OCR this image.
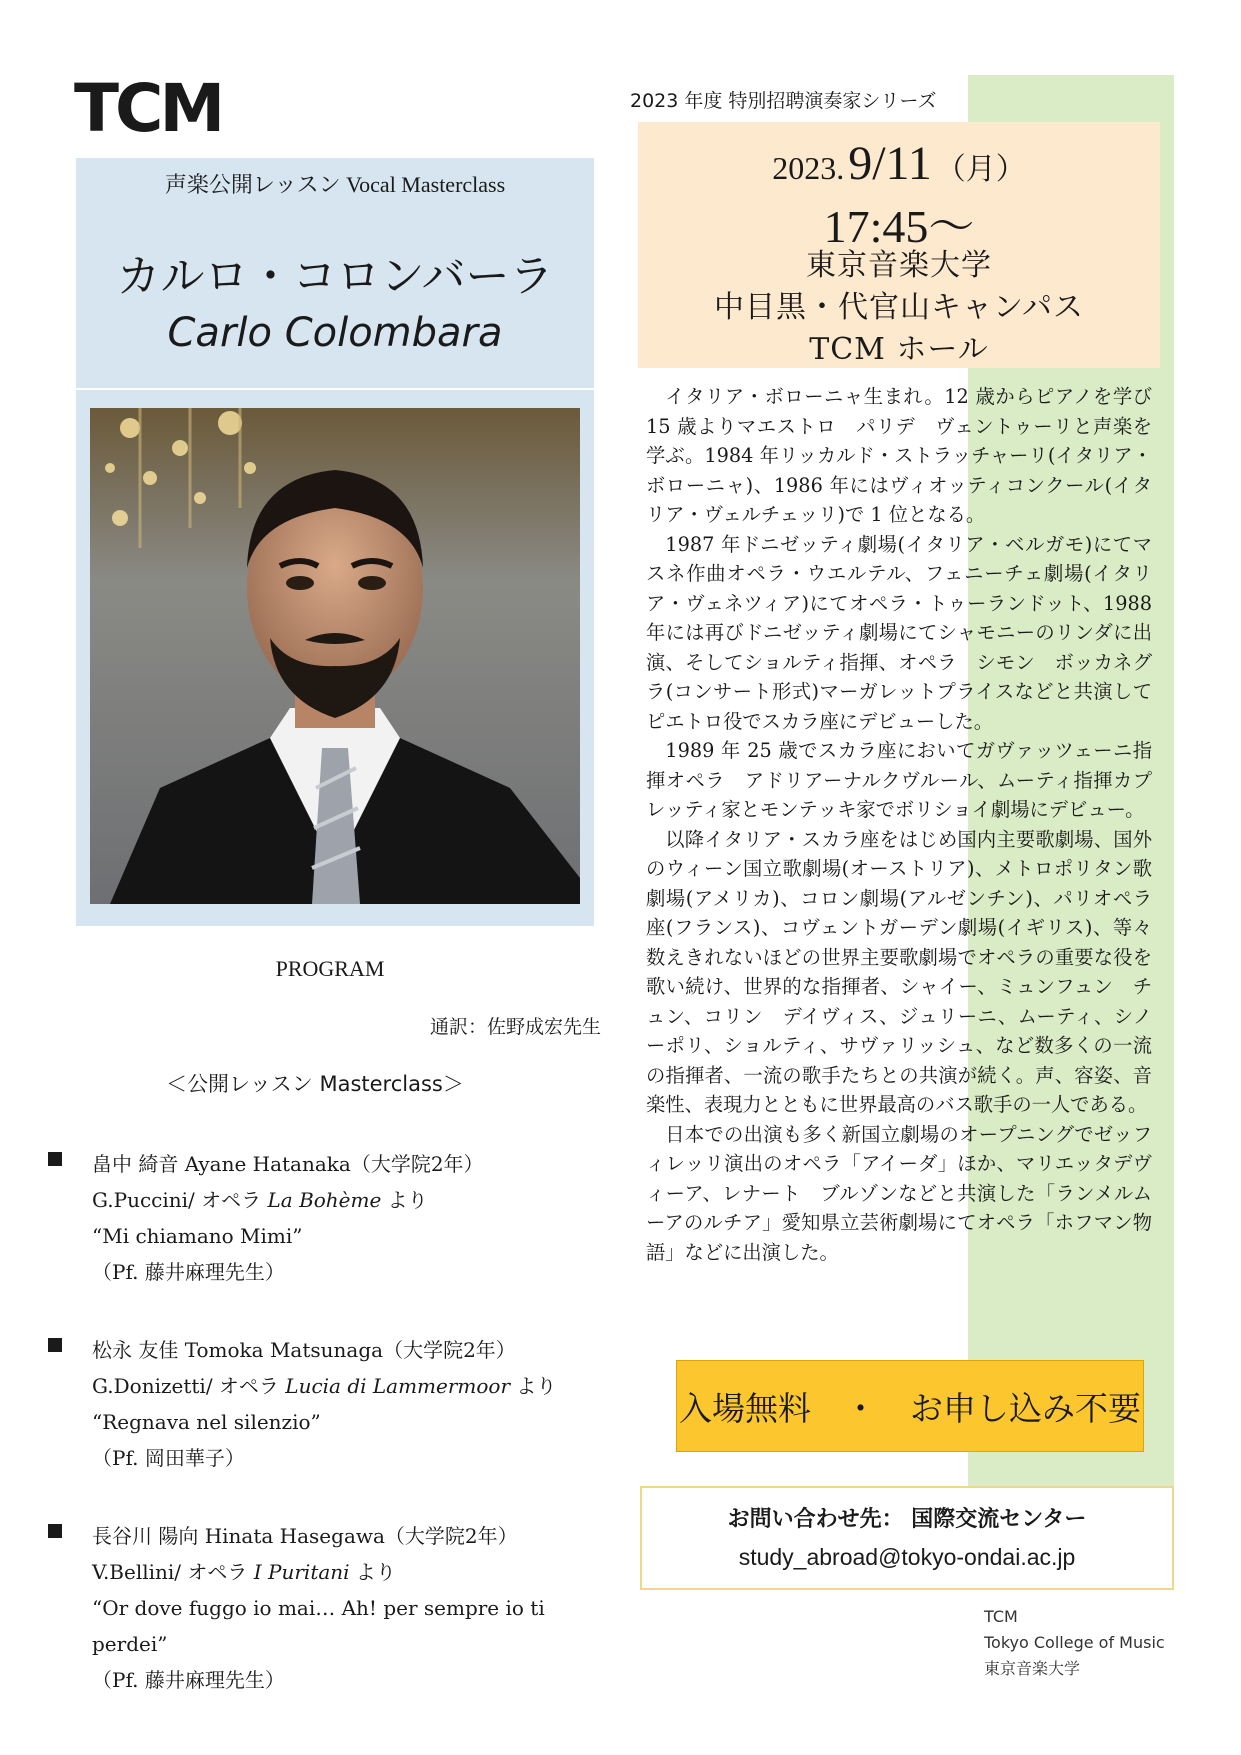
TCM
声楽公開レッスン Vocal Masterclass
カルロ・コロンバーラ
Carlo Colombara
2023 年度 特別招聘演奏家シリーズ
2023. 9/11 （月）
17:45～
東京音楽大学
中目黒・代官山キャンパス
TCM ホール

イタリア・ボローニャ生まれ。12 歳からピアノを学び 15 歳よりマエストロ　パリデ　ヴェントゥーリと声楽を学ぶ。1984 年リッカルド・ストラッチャーリ(イタリア・ボローニャ)、1986 年にはヴィオッティコンクール(イタリア・ヴェルチェッリ)で 1 位となる。

1987 年ドニゼッティ劇場(イタリア・ベルガモ)にてマスネ作曲オペラ・ウエルテル、フェニーチェ劇場(イタリア・ヴェネツィア)にてオペラ・トゥーランドット、1988 年には再びドニゼッティ劇場にてシャモニーのリンダに出演、そしてショルティ指揮、オペラ　シモン　ボッカネグラ(コンサート形式)マーガレットプライスなどと共演してピエトロ役でスカラ座にデビューした。

1989 年 25 歳でスカラ座においてガヴァッツェーニ指揮オペラ　アドリアーナルクヴルール、ムーティ指揮カプレッティ家とモンテッキ家でボリショイ劇場にデビュー。

以降イタリア・スカラ座をはじめ国内主要歌劇場、国外のウィーン国立歌劇場(オーストリア)、メトロポリタン歌劇場(アメリカ)、コロン劇場(アルゼンチン)、パリオペラ座(フランス)、コヴェントガーデン劇場(イギリス)、等々数えきれないほどの世界主要歌劇場でオペラの重要な役を歌い続け、世界的な指揮者、シャイー、ミュンフュン　チュン、コリン　デイヴィス、ジュリーニ、ムーティ、シノーポリ、ショルティ、サヴァリッシュ、など数多くの一流の指揮者、一流の歌手たちとの共演が続く。声、容姿、音楽性、表現力とともに世界最高のバス歌手の一人である。

日本での出演も多く新国立劇場のオープニングでゼッフィレッリ演出のオペラ「アイーダ」ほか、マリエッタデヴィーア、レナート　ブルゾンなどと共演した「ランメルムーアのルチア」愛知県立芸術劇場にてオペラ「ホフマン物語」などに出演した。

入場無料　・　お申し込み不要
お問い合わせ先： 国際交流センター
study_abroad@tokyo-ondai.ac.jp
TCM
Tokyo College of Music
東京音楽大学
PROGRAM
通訳：佐野成宏先生
＜公開レッスン Masterclass＞
畠中 綺音 Ayane Hatanaka（大学院2年）
G.Puccini/ オペラ La Bohème より
“Mi chiamano Mimi”
（Pf. 藤井麻理先生）
松永 友佳 Tomoka Matsunaga（大学院2年）
G.Donizetti/ オペラ Lucia di Lammermoor より
“Regnava nel silenzio”
（Pf. 岡田華子）
長谷川 陽向 Hinata Hasegawa（大学院2年）
V.Bellini/ オペラ I Puritani より
“Or dove fuggo io mai… Ah! per sempre io ti
perdei”
（Pf. 藤井麻理先生）
